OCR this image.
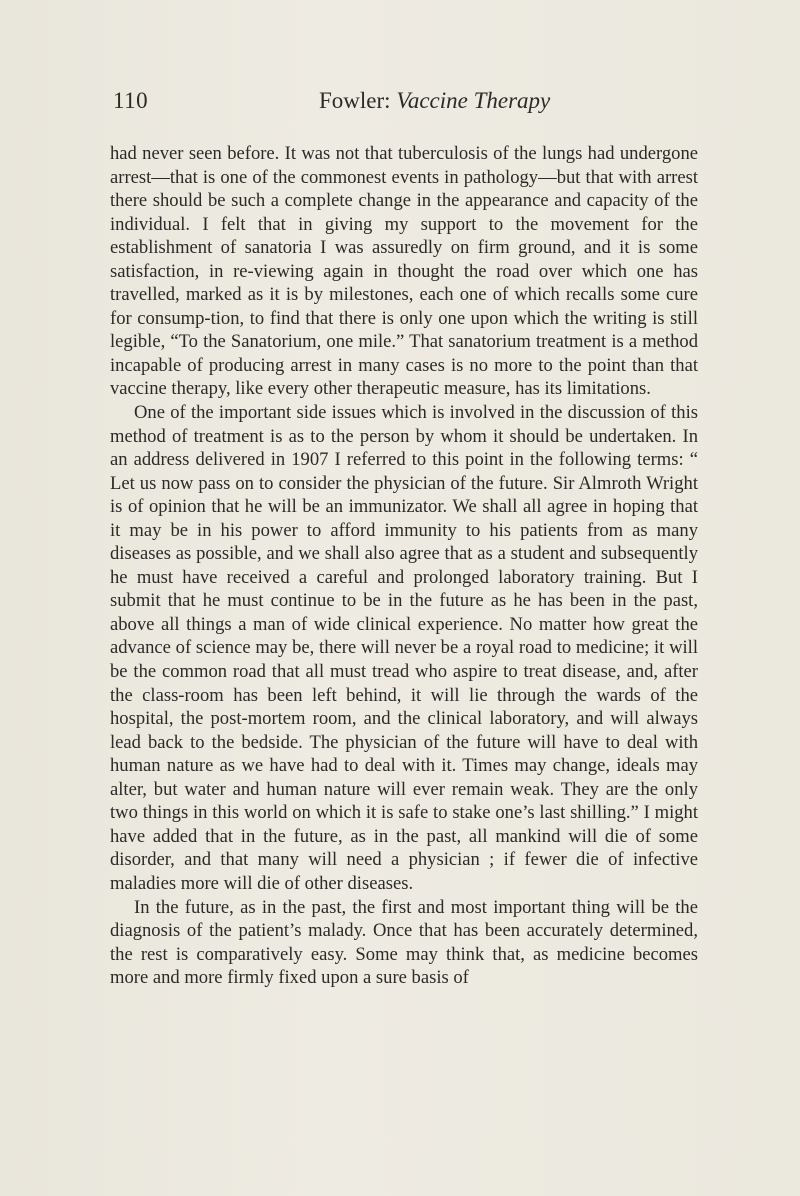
110	Fowler: Vaccine Therapy

had never seen before. It was not that tuberculosis of the lungs had undergone arrest—that is one of the commonest events in pathology—but that with arrest there should be such a complete change in the appearance and capacity of the individual. I felt that in giving my support to the movement for the establishment of sanatoria I was assuredly on firm ground, and it is some satisfaction, in re-viewing again in thought the road over which one has travelled, marked as it is by milestones, each one of which recalls some cure for consump-tion, to find that there is only one upon which the writing is still legible, “To the Sanatorium, one mile.” That sanatorium treatment is a method incapable of producing arrest in many cases is no more to the point than that vaccine therapy, like every other therapeutic measure, has its limitations.

One of the important side issues which is involved in the discussion of this method of treatment is as to the person by whom it should be undertaken. In an address delivered in 1907 I referred to this point in the following terms: “ Let us now pass on to consider the physician of the future. Sir Almroth Wright is of opinion that he will be an immunizator. We shall all agree in hoping that it may be in his power to afford immunity to his patients from as many diseases as possible, and we shall also agree that as a student and subsequently he must have received a careful and prolonged laboratory training. But I submit that he must continue to be in the future as he has been in the past, above all things a man of wide clinical experience. No matter how great the advance of science may be, there will never be a royal road to medicine; it will be the common road that all must tread who aspire to treat disease, and, after the class-room has been left behind, it will lie through the wards of the hospital, the post-mortem room, and the clinical laboratory, and will always lead back to the bedside. The physician of the future will have to deal with human nature as we have had to deal with it. Times may change, ideals may alter, but water and human nature will ever remain weak. They are the only two things in this world on which it is safe to stake one’s last shilling.” I might have added that in the future, as in the past, all mankind will die of some disorder, and that many will need a physician ; if fewer die of infective maladies more will die of other diseases.

In the future, as in the past, the first and most important thing will be the diagnosis of the patient’s malady. Once that has been accurately determined, the rest is comparatively easy. Some may think that, as medicine becomes more and more firmly fixed upon a sure basis of
